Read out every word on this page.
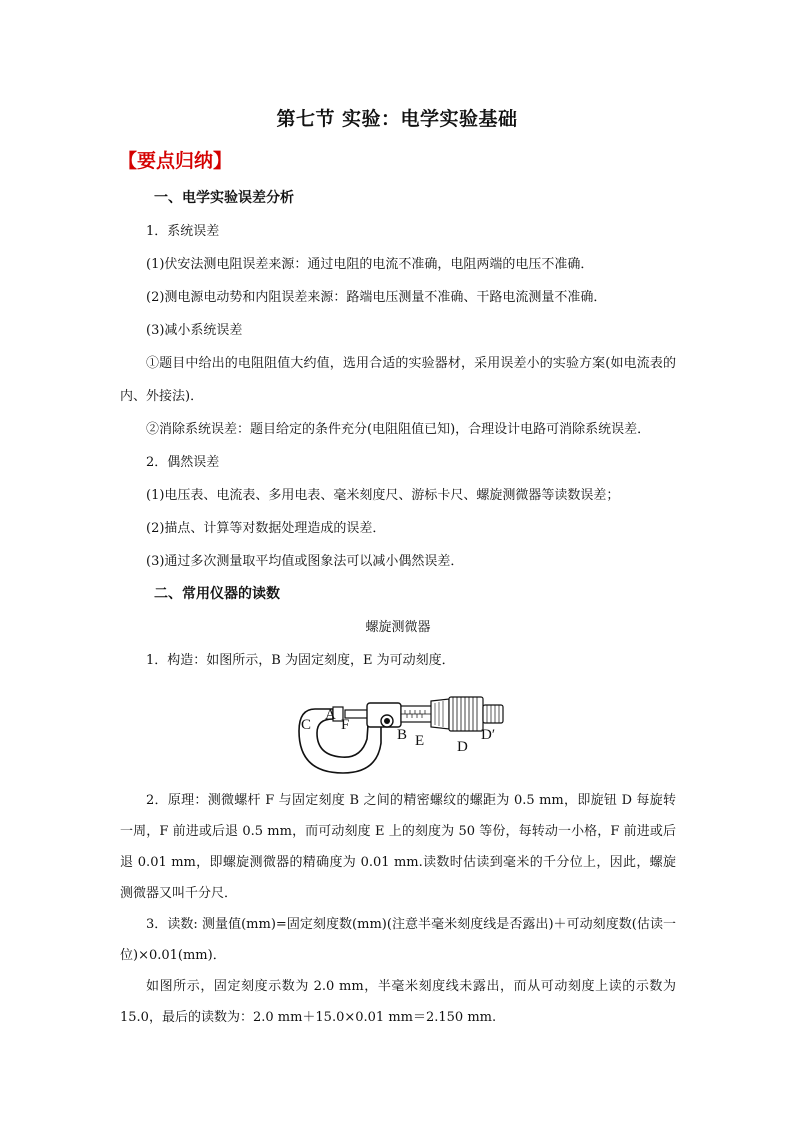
第七节 实验：电学实验基础
【要点归纳】

一、电学实验误差分析

1．系统误差

(1)伏安法测电阻误差来源：通过电阻的电流不准确，电阻两端的电压不准确．

(2)测电源电动势和内阻误差来源：路端电压测量不准确、干路电流测量不准确．

(3)减小系统误差

①题目中给出的电阻阻值大约值，选用合适的实验器材，采用误差小的实验方案(如电流表的内、外接法)．

②消除系统误差：题目给定的条件充分(电阻阻值已知)，合理设计电路可消除系统误差．

2．偶然误差

(1)电压表、电流表、多用电表、毫米刻度尺、游标卡尺、螺旋测微器等读数误差；

(2)描点、计算等对数据处理造成的误差．

(3)通过多次测量取平均值或图象法可以减小偶然误差．

二、常用仪器的读数

螺旋测微器

1．构造：如图所示，B 为固定刻度，E 为可动刻度．

C
A
F
B E D
D′

2．原理：测微螺杆 F 与固定刻度 B 之间的精密螺纹的螺距为 0.5 mm，即旋钮 D 每旋转一周，F 前进或后退 0.5 mm，而可动刻度 E 上的刻度为 50 等份，每转动一小格，F 前进或后退 0.01 mm，即螺旋测微器的精确度为 0.01 mm.读数时估读到毫米的千分位上，因此，螺旋测微器又叫千分尺．

3．读数: 测量值(mm)=固定刻度数(mm)(注意半毫米刻度线是否露出)＋可动刻度数(估读一位)×0.01(mm)．

如图所示，固定刻度示数为 2.0 mm，半毫米刻度线未露出，而从可动刻度上读的示数为 15.0，最后的读数为：2.0 mm＋15.0×0.01 mm＝2.150 mm.
